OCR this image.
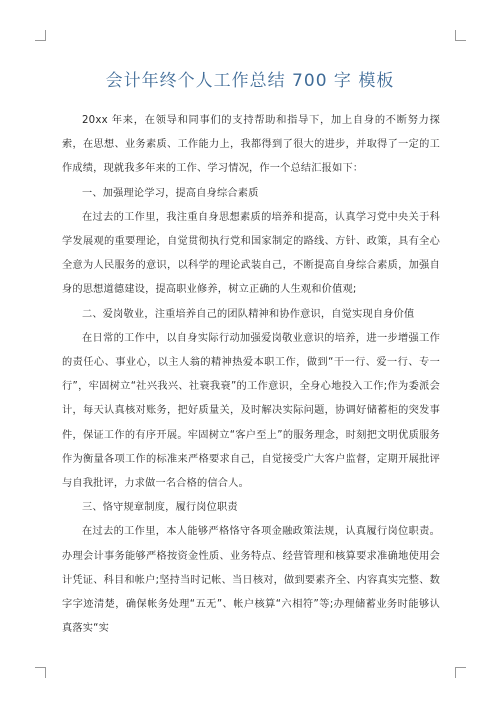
会计年终个人工作总结 700 字 模板

20xx 年来，在领导和同事们的支持帮助和指导下，加上自身的不断努力探索，在思想、业务素质、工作能力上，我都得到了很大的进步，并取得了一定的工作成绩，现就我多年来的工作、学习情况，作一个总结汇报如下：

一、加强理论学习，提高自身综合素质

在过去的工作里，我注重自身思想素质的培养和提高，认真学习党中央关于科学发展观的重要理论，自觉贯彻执行党和国家制定的路线、方针、政策，具有全心全意为人民服务的意识，以科学的理论武装自己，不断提高自身综合素质，加强自身的思想道德建设，提高职业修养，树立正确的人生观和价值观;

二、爱岗敬业，注重培养自己的团队精神和协作意识，自觉实现自身价值

在日常的工作中，以自身实际行动加强爱岗敬业意识的培养，进一步增强工作的责任心、事业心，以主人翁的精神热爱本职工作，做到“干一行、爱一行、专一行”，牢固树立“社兴我兴、社衰我衰”的工作意识，全身心地投入工作;作为委派会计，每天认真核对账务，把好质量关，及时解决实际问题，协调好储蓄柜的突发事件，保证工作的有序开展。牢固树立“客户至上”的服务理念，时刻把文明优质服务作为衡量各项工作的标准来严格要求自己，自觉接受广大客户监督，定期开展批评与自我批评，力求做一名合格的信合人。

三、恪守规章制度，履行岗位职责

在过去的工作里，本人能够严格恪守各项金融政策法规，认真履行岗位职责。办理会计事务能够严格按资金性质、业务特点、经营管理和核算要求准确地使用会计凭证、科目和帐户;坚持当时记帐、当日核对，做到要素齐全、内容真实完整、数字字迹清楚，确保帐务处理“五无”、帐户核算“六相符”等;办理储蓄业务时能够认真落实“实
